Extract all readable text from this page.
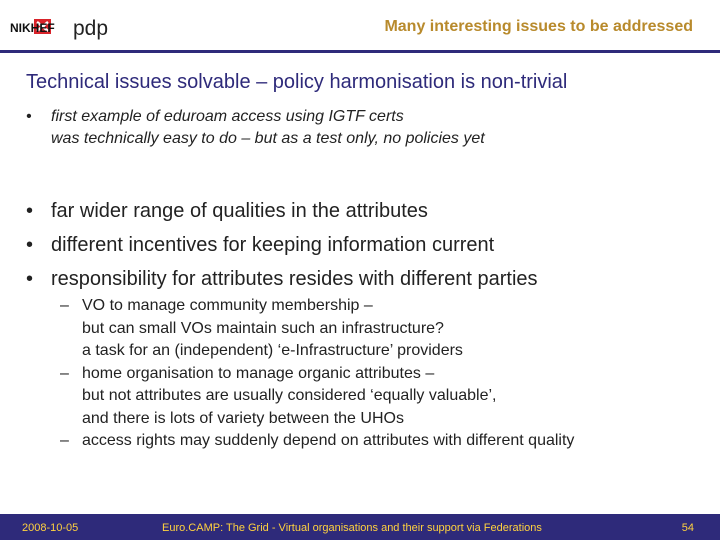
NIKHEF pdp	Many interesting issues to be addressed
Technical issues solvable – policy harmonisation is non-trivial
•	first example of eduroam access using IGTF certs
was technically easy to do – but as a test only, no policies yet
• far wider range of qualities in the attributes
• different incentives for keeping information current
• responsibility for attributes resides with different parties
– VO to manage community membership –
but can small VOs maintain such an infrastructure?
a task for an (independent) ‘e-Infrastructure’ providers
– home organisation to manage organic attributes –
but not attributes are usually considered ‘equally valuable’,
and there is lots of variety between the UHOs
– access rights may suddenly depend on attributes with different quality
2008-10-05	Euro.CAMP: The Grid - Virtual organisations and their support via Federations	54
